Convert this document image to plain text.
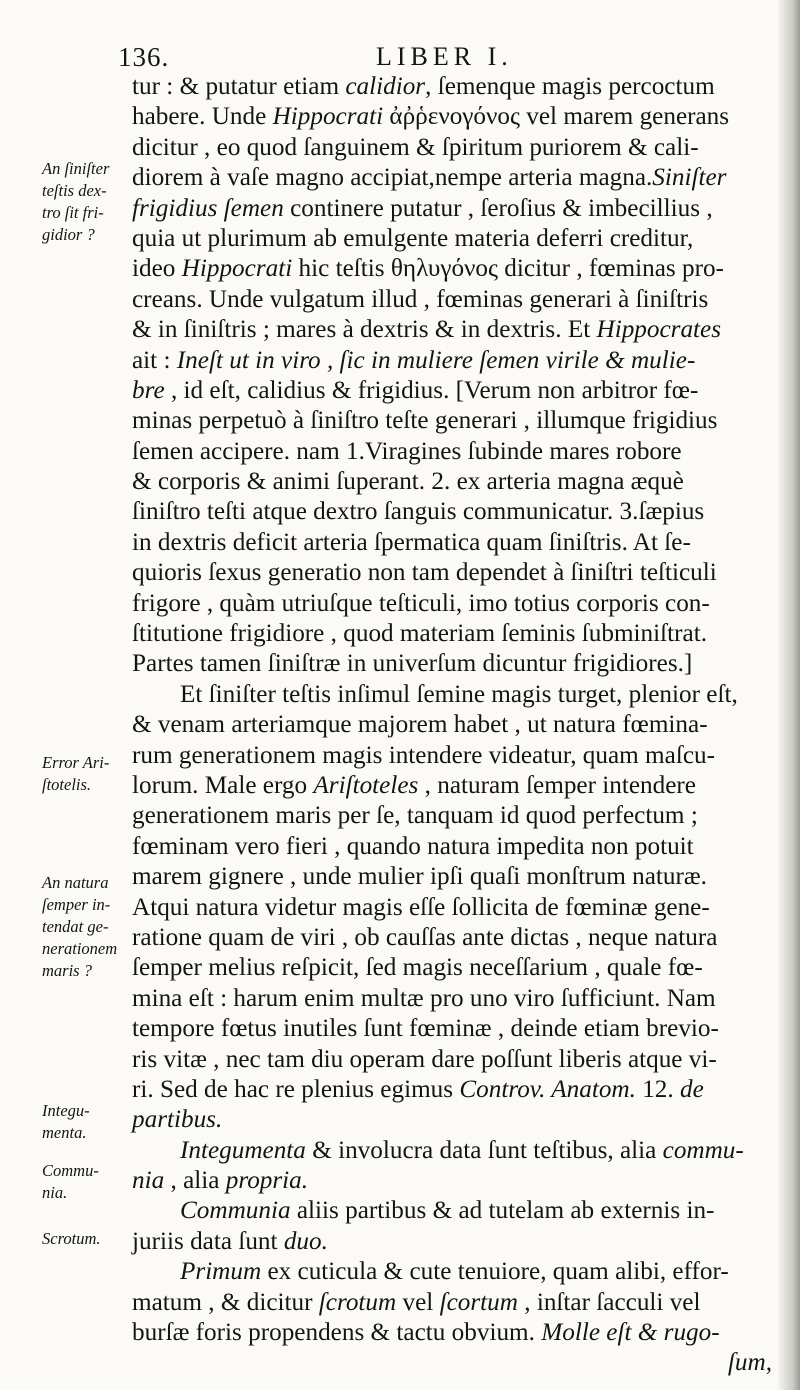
136.	LIBER I.
tur : & putatur etiam calidior, ſemenque magis percoctum
habere. Unde Hippocrati ἀῤῥενογόνος vel marem generans
dicitur , eo quod ſanguinem & ſpiritum puriorem & cali-
diorem à vaſe magno accipiat,nempe arteria magna.Siniſter
frigidius ſemen continere putatur , ſeroſius & imbecillius ,
quia ut plurimum ab emulgente materia deferri creditur,
ideo Hippocrati hic teſtis θηλυγόνος dicitur , fœminas pro-
creans. Unde vulgatum illud , fœminas generari à ſiniſtris
& in ſiniſtris ; mares à dextris & in dextris. Et Hippocrates
ait : Ineſt ut in viro , ſic in muliere ſemen virile & mulie-
bre , id eſt, calidius & frigidius. [Verum non arbitror fœ-
minas perpetuò à ſiniſtro teſte generari , illumque frigidius
ſemen accipere. nam 1.Viragines ſubinde mares robore
& corporis & animi ſuperant. 2. ex arteria magna æquè
ſiniſtro teſti atque dextro ſanguis communicatur. 3.ſæpius
in dextris deficit arteria ſpermatica quam ſiniſtris. At ſe-
quioris ſexus generatio non tam dependet à ſiniſtri teſticuli
frigore , quàm utriuſque teſticuli, imo totius corporis con-
ſtitutione frigidiore , quod materiam ſeminis ſubminiſtrat.
Partes tamen ſiniſtræ in univerſum dicuntur frigidiores.]
Et ſiniſter teſtis inſimul ſemine magis turget, plenior eſt,
& venam arteriamque majorem habet , ut natura fœmina-
rum generationem magis intendere videatur, quam maſcu-
lorum. Male ergo Ariſtoteles , naturam ſemper intendere
generationem maris per ſe, tanquam id quod perfectum ;
fœminam vero fieri , quando natura impedita non potuit
marem gignere , unde mulier ipſi quaſi monſtrum naturæ.
Atqui natura videtur magis eſſe ſollicita de fœminæ gene-
ratione quam de viri , ob cauſſas ante dictas , neque natura
ſemper melius reſpicit, ſed magis neceſſarium , quale fœ-
mina eſt : harum enim multæ pro uno viro ſufficiunt. Nam
tempore fœtus inutiles ſunt fœminæ , deinde etiam brevio-
ris vitæ , nec tam diu operam dare poſſunt liberis atque vi-
ri. Sed de hac re plenius egimus Controv. Anatom. 12. de
partibus.
Integumenta & involucra data ſunt teſtibus, alia commu-
nia , alia propria.
Communia aliis partibus & ad tutelam ab externis in-
juriis data ſunt duo.
Primum ex cuticula & cute tenuiore, quam alibi, effor-
matum , & dicitur ſcrotum vel ſcortum , inſtar ſacculi vel
burſæ foris propendens & tactu obvium. Molle eſt & rugo-
ſum,
An ſiniſter
teſtis dex-
tro ſit fri-
gidior ?
Error Ari-
ſtotelis.
An natura
ſemper in-
tendat ge-
nerationem
maris ?
Integu-
menta.
Commu-
nia.
Scrotum.
